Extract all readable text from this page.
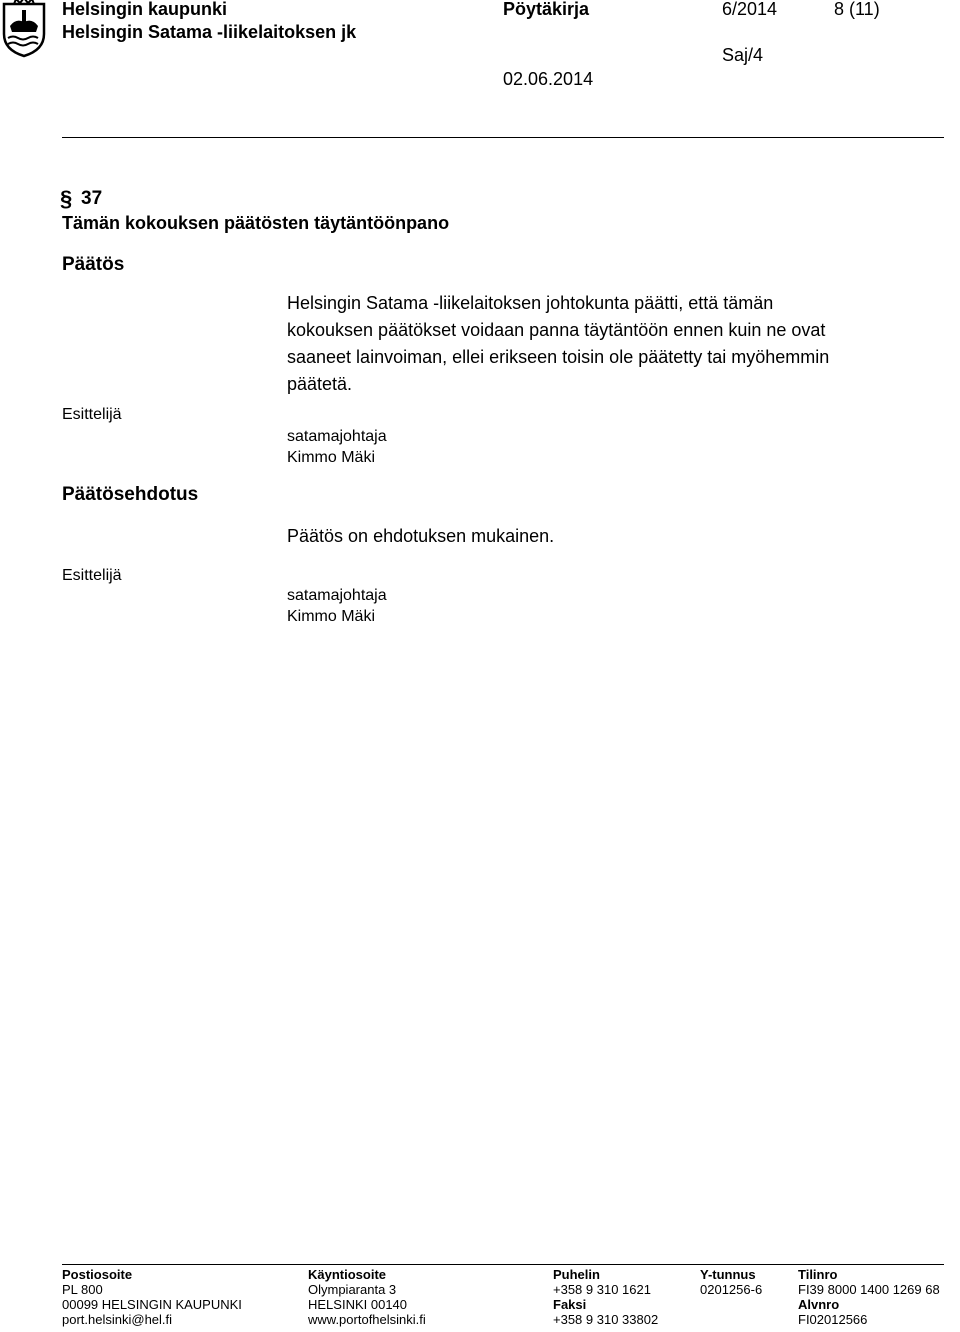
Helsingin kaupunki
Helsingin Satama -liikelaitoksen jk
Pöytäkirja	6/2014	8 (11)
Saj/4
02.06.2014
§ 37
Tämän kokouksen päätösten täytäntöönpano
Päätös
Helsingin Satama -liikelaitoksen johtokunta päätti, että tämän
kokouksen päätökset voidaan panna täytäntöön ennen kuin ne ovat
saaneet lainvoiman, ellei erikseen toisin ole päätetty tai myöhemmin
päätetä.
Esittelijä
satamajohtaja
Kimmo Mäki
Päätösehdotus
Päätös on ehdotuksen mukainen.
Esittelijä
satamajohtaja
Kimmo Mäki
Postiosoite
PL 800
00099 HELSINGIN KAUPUNKI
port.helsinki@hel.fi
Käyntiosoite
Olympiaranta 3
HELSINKI 00140
www.portofhelsinki.fi
Puhelin
+358 9 310 1621
Faksi
+358 9 310 33802
Y-tunnus
0201256-6
Tilinro
FI39 8000 1400 1269 68
Alvnro
FI02012566
